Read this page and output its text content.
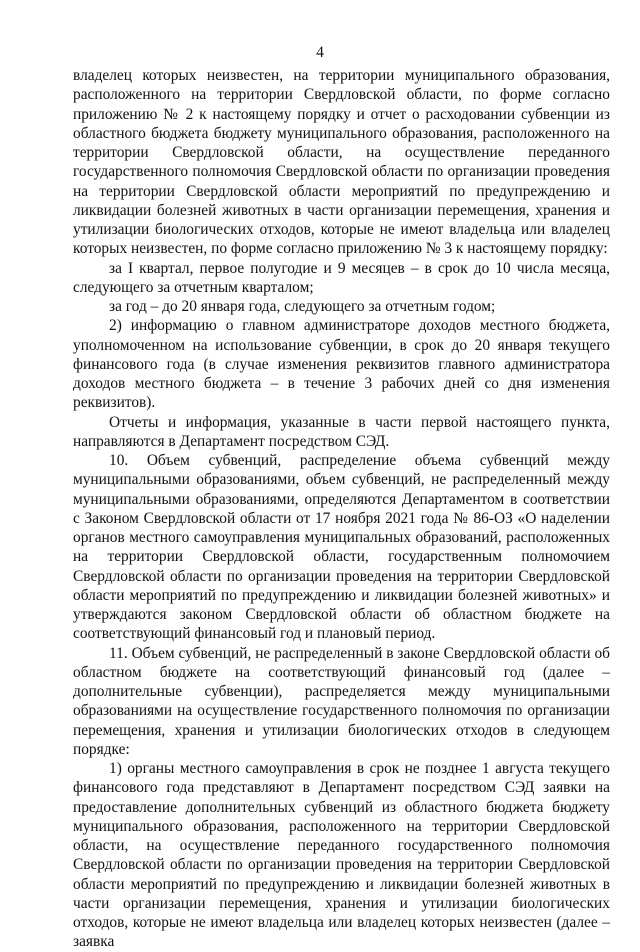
4

владелец которых неизвестен, на территории муниципального образования, расположенного на территории Свердловской области, по форме согласно приложению № 2 к настоящему порядку и отчет о расходовании субвенции из областного бюджета бюджету муниципального образования, расположенного на территории Свердловской области, на осуществление переданного государственного полномочия Свердловской области по организации проведения на территории Свердловской области мероприятий по предупреждению и ликвидации болезней животных в части организации перемещения, хранения и утилизации биологических отходов, которые не имеют владельца или владелец которых неизвестен, по форме согласно приложению № 3 к настоящему порядку:

за I квартал, первое полугодие и 9 месяцев – в срок до 10 числа месяца, следующего за отчетным кварталом;

за год – до 20 января года, следующего за отчетным годом;

2) информацию о главном администраторе доходов местного бюджета, уполномоченном на использование субвенции, в срок до 20 января текущего финансового года (в случае изменения реквизитов главного администратора доходов местного бюджета – в течение 3 рабочих дней со дня изменения реквизитов).

Отчеты и информация, указанные в части первой настоящего пункта, направляются в Департамент посредством СЭД.

10. Объем субвенций, распределение объема субвенций между муниципальными образованиями, объем субвенций, не распределенный между муниципальными образованиями, определяются Департаментом в соответствии с Законом Свердловской области от 17 ноября 2021 года № 86-ОЗ «О наделении органов местного самоуправления муниципальных образований, расположенных на территории Свердловской области, государственным полномочием Свердловской области по организации проведения на территории Свердловской области мероприятий по предупреждению и ликвидации болезней животных» и утверждаются законом Свердловской области об областном бюджете на соответствующий финансовый год и плановый период.

11. Объем субвенций, не распределенный в законе Свердловской области об областном бюджете на соответствующий финансовый год (далее – дополнительные субвенции), распределяется между муниципальными образованиями на осуществление государственного полномочия по организации перемещения, хранения и утилизации биологических отходов в следующем порядке:

1) органы местного самоуправления в срок не позднее 1 августа текущего финансового года представляют в Департамент посредством СЭД заявки на предоставление дополнительных субвенций из областного бюджета бюджету муниципального образования, расположенного на территории Свердловской области, на осуществление переданного государственного полномочия Свердловской области по организации проведения на территории Свердловской области мероприятий по предупреждению и ликвидации болезней животных в части организации перемещения, хранения и утилизации биологических отходов, которые не имеют владельца или владелец которых неизвестен (далее – заявка
